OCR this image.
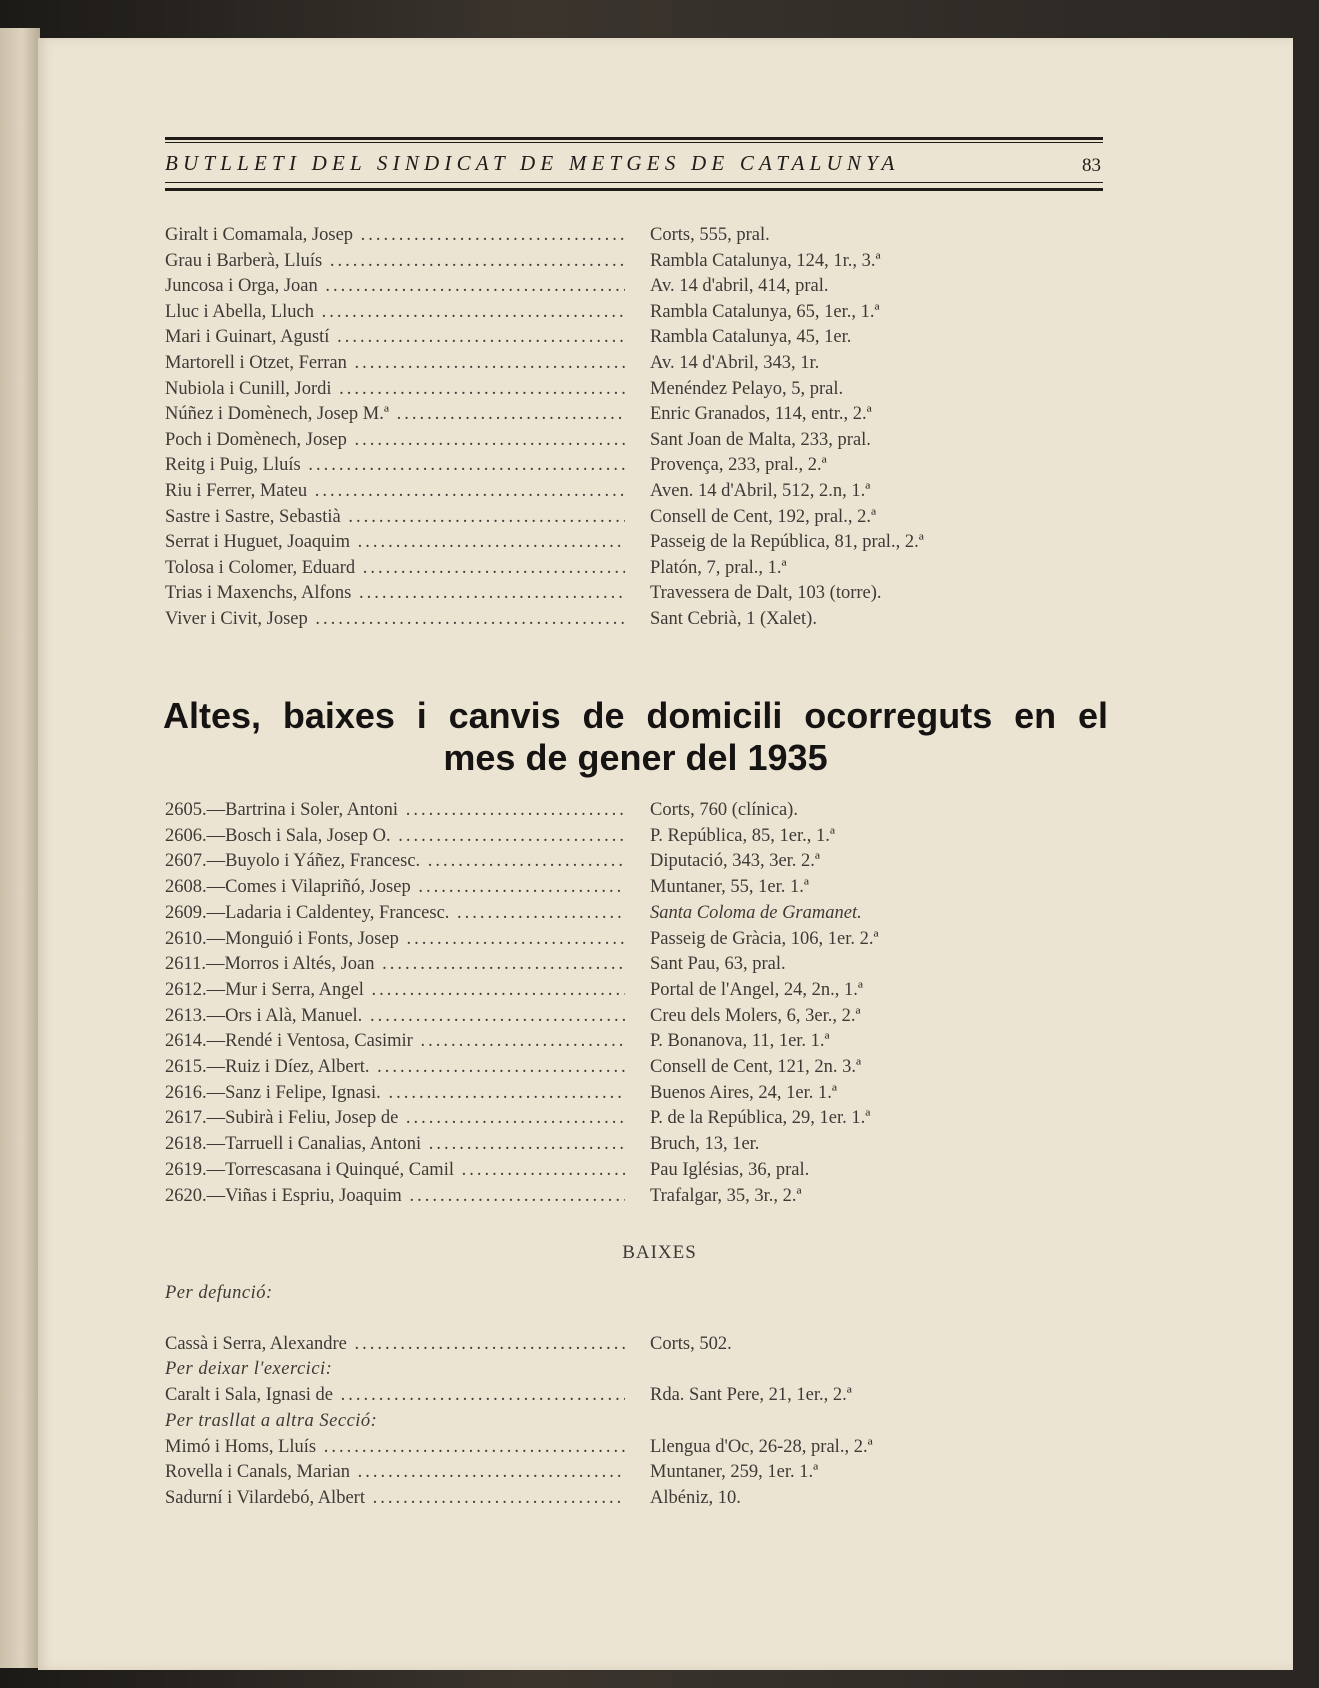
BUTLLETI DEL SINDICAT DE METGES DE CATALUNYA	83
Giralt i Comamala, Josep .....	Corts, 555, pral.
Grau i Barberà, Lluís .....	Rambla Catalunya, 124, 1r., 3.ª
Juncosa i Orga, Joan .....	Av. 14 d'abril, 414, pral.
Lluc i Abella, Lluch .....	Rambla Catalunya, 65, 1er., 1.ª
Mari i Guinart, Agustí .....	Rambla Catalunya, 45, 1er.
Martorell i Otzet, Ferran .....	Av. 14 d'Abril, 343, 1r.
Nubiola i Cunill, Jordi .....	Menéndez Pelayo, 5, pral.
Núñez i Domènech, Josep M.ª .....	Enric Granados, 114, entr., 2.ª
Poch i Domènech, Josep .....	Sant Joan de Malta, 233, pral.
Reitg i Puig, Lluís .....	Provença, 233, pral., 2.ª
Riu i Ferrer, Mateu .....	Aven. 14 d'Abril, 512, 2.n, 1.ª
Sastre i Sastre, Sebastià .....	Consell de Cent, 192, pral., 2.ª
Serrat i Huguet, Joaquim .....	Passeig de la República, 81, pral., 2.ª
Tolosa i Colomer, Eduard .....	Platón, 7, pral., 1.ª
Trias i Maxenchs, Alfons .....	Travessera de Dalt, 103 (torre).
Viver i Civit, Josep .....	Sant Cebrià, 1 (Xalet).
Altes, baixes i canvis de domicili ocorreguts en el
mes de gener del 1935
2605.—Bartrina i Soler, Antoni .....	Corts, 760 (clínica).
2606.—Bosch i Sala, Josep O. .....	P. República, 85, 1er., 1.ª
2607.—Buyolo i Yáñez, Francesc. .....	Diputació, 343, 3er. 2.ª
2608.—Comes i Vilapriñó, Josep .....	Muntaner, 55, 1er. 1.ª
2609.—Ladaria i Caldentey, Francesc. .....	Santa Coloma de Gramanet.
2610.—Monguió i Fonts, Josep .....	Passeig de Gràcia, 106, 1er. 2.ª
2611.—Morros i Altés, Joan .....	Sant Pau, 63, pral.
2612.—Mur i Serra, Angel .....	Portal de l'Angel, 24, 2n., 1.ª
2613.—Ors i Alà, Manuel. .....	Creu dels Molers, 6, 3er., 2.ª
2614.—Rendé i Ventosa, Casimir .....	P. Bonanova, 11, 1er. 1.ª
2615.—Ruiz i Díez, Albert. .....	Consell de Cent, 121, 2n. 3.ª
2616.—Sanz i Felipe, Ignasi. .....	Buenos Aires, 24, 1er. 1.ª
2617.—Subirà i Feliu, Josep de .....	P. de la República, 29, 1er. 1.ª
2618.—Tarruell i Canalias, Antoni .....	Bruch, 13, 1er.
2619.—Torrescasana i Quinqué, Camil .....	Pau Iglésias, 36, pral.
2620.—Viñas i Espriu, Joaquim .....	Trafalgar, 35, 3r., 2.ª
BAIXES
Per defunció:
Cassà i Serra, Alexandre .....	Corts, 502.
Per deixar l'exercici:
Caralt i Sala, Ignasi de .....	Rda. Sant Pere, 21, 1er., 2.ª
Per trasllat a altra Secció:
Mimó i Homs, Lluís .....	Llengua d'Oc, 26-28, pral., 2.ª
Rovella i Canals, Marian .....	Muntaner, 259, 1er. 1.ª
Sadurní i Vilardebó, Albert .....	Albéniz, 10.
